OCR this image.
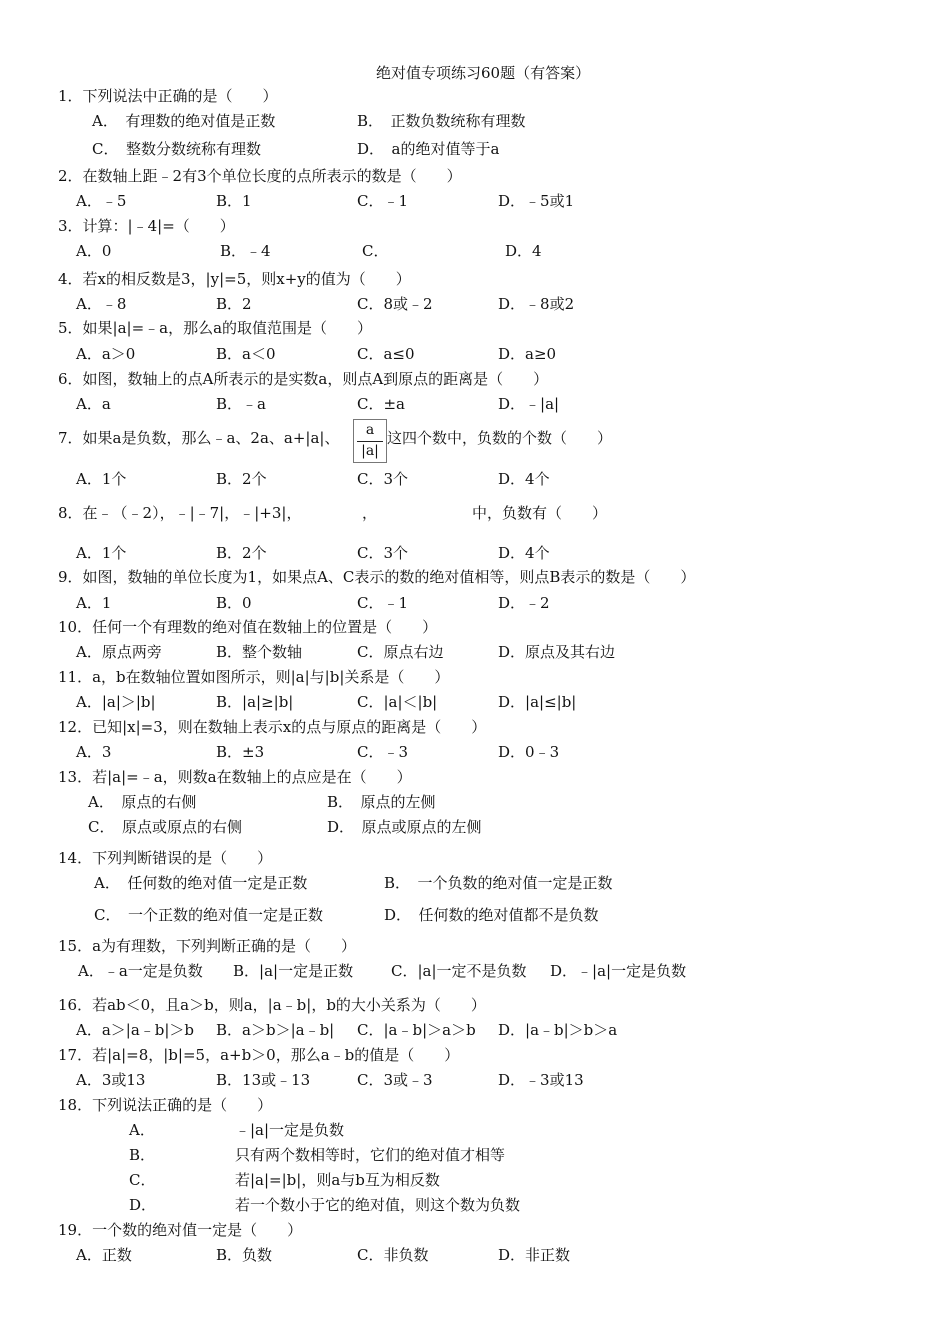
绝对值专项练习60题（有答案）
1．下列说法中正确的是（　　）
A．　有理数的绝对值是正数	B．　正数负数统称有理数
C．　整数分数统称有理数	D．　a的绝对值等于a
2．在数轴上距﹣2有3个单位长度的点所表示的数是（　　）
A．﹣5	B．1	C．﹣1	D．﹣5或1
3．计算：|﹣4|=（　　）
A．0	B．﹣4	C．	D．4
4．若x的相反数是3，|y|=5，则x+y的值为（　　）
A．﹣8	B．2	C．8或﹣2	D．﹣8或2
5．如果|a|=﹣a，那么a的取值范围是（　　）
A．a＞0	B．a＜0	C．a≤0	D．a≥0
6．如图，数轴上的点A所表示的是实数a，则点A到原点的距离是（　　）
A．a	B．﹣a	C．±a	D．﹣|a|
7．如果a是负数，那么﹣a、2a、a+|a|、	a
|a|
这四个数中，负数的个数（　　）
A．1个	B．2个	C．3个	D．4个
8．在﹣（﹣2），﹣|﹣7|，﹣|+3|，	，	中，负数有（　　）
A．1个	B．2个	C．3个	D．4个
9．如图，数轴的单位长度为1，如果点A、C表示的数的绝对值相等，则点B表示的数是（　　）
A．1	B．0	C．﹣1	D．﹣2
10．任何一个有理数的绝对值在数轴上的位置是（　　）
A．原点两旁	B．整个数轴	C．原点右边	D．原点及其右边
11．a，b在数轴位置如图所示，则|a|与|b|关系是（　　）
A．|a|＞|b|	B．|a|≥|b|	C．|a|＜|b|	D．|a|≤|b|
12．已知|x|=3，则在数轴上表示x的点与原点的距离是（　　）
A．3	B．±3	C．﹣3	D．0﹣3
13．若|a|=﹣a，则数a在数轴上的点应是在（　　）
A．　原点的右侧	B．　原点的左侧
C．　原点或原点的右侧	D．　原点或原点的左侧
14．下列判断错误的是（　　）
A．　任何数的绝对值一定是正数	B．　一个负数的绝对值一定是正数
C．　一个正数的绝对值一定是正数	D．　任何数的绝对值都不是负数
15．a为有理数，下列判断正确的是（　　）
A．﹣a一定是负数 B．|a|一定是正数	C．|a|一定不是负数 D．﹣|a|一定是负数
16．若ab＜0，且a＞b，则a，|a﹣b|，b的大小关系为（　　）
A．a＞|a﹣b|＞b B．a＞b＞|a﹣b| C．|a﹣b|＞a＞b D．|a﹣b|＞b＞a
17．若|a|=8，|b|=5，a+b＞0，那么a﹣b的值是（　　）
A．3或13	B．13或﹣13	C．3或﹣3	D．﹣3或13
18．下列说法正确的是（　　）
A．	﹣|a|一定是负数
B．	只有两个数相等时，它们的绝对值才相等
C．	若|a|=|b|，则a与b互为相反数
D．	若一个数小于它的绝对值，则这个数为负数
19．一个数的绝对值一定是（　　）
A．正数	B．负数	C．非负数	D．非正数
